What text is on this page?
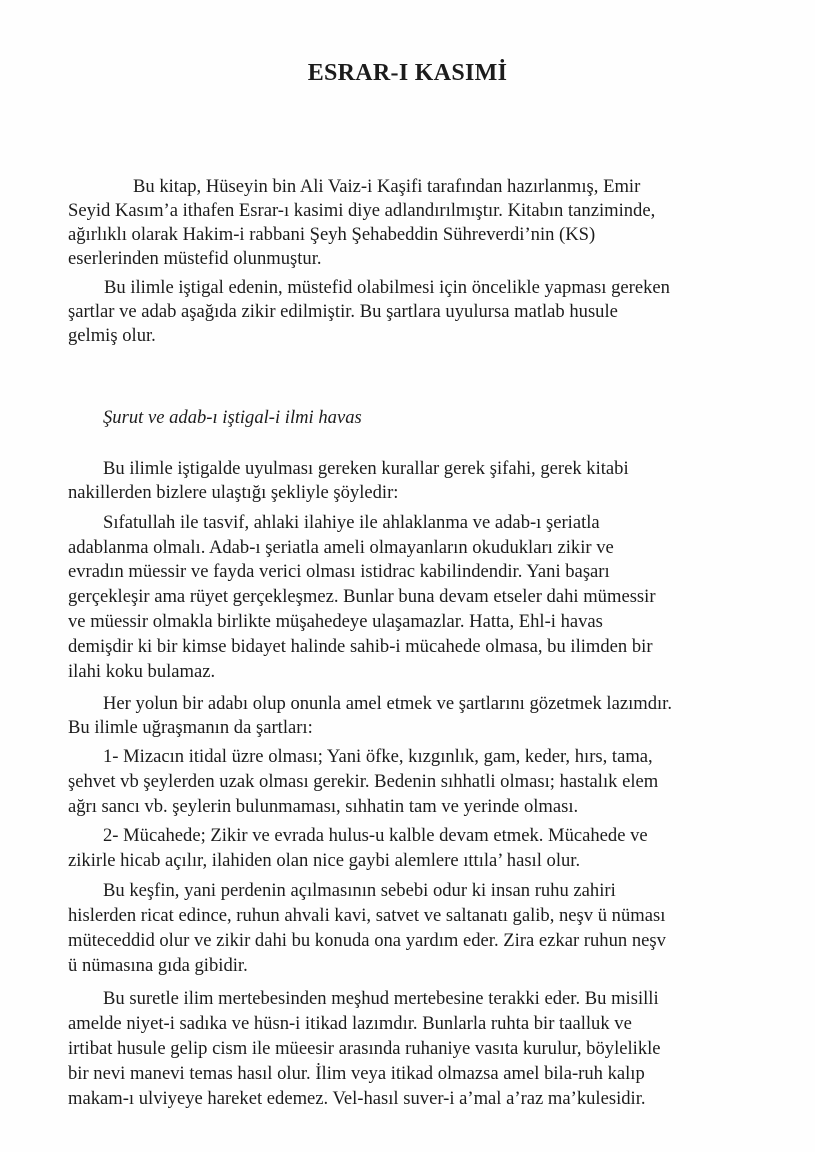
ESRAR-I KASIMİ

Bu kitap, Hüseyin bin Ali Vaiz-i Kaşifi tarafından hazırlanmış, Emir

Seyid Kasım’a ithafen Esrar-ı kasimi diye adlandırılmıştır. Kitabın tanziminde,

ağırlıklı olarak Hakim-i rabbani Şeyh Şehabeddin Sühreverdi’nin (KS)

eserlerinden müstefid olunmuştur.

Bu ilimle iştigal edenin, müstefid olabilmesi için öncelikle yapması gereken

şartlar ve adab aşağıda zikir edilmiştir. Bu şartlara uyulursa matlab husule

gelmiş olur.

Şurut ve adab-ı iştigal-i ilmi havas

Bu ilimle iştigalde uyulması gereken kurallar gerek şifahi, gerek kitabi

nakillerden bizlere ulaştığı şekliyle şöyledir:

Sıfatullah ile tasvif, ahlaki ilahiye ile ahlaklanma ve adab-ı şeriatla

adablanma olmalı. Adab-ı şeriatla ameli olmayanların okudukları zikir ve

evradın müessir ve fayda verici olması istidrac kabilindendir. Yani başarı

gerçekleşir ama rüyet gerçekleşmez. Bunlar buna devam etseler dahi mümessir

ve müessir olmakla birlikte müşahedeye ulaşamazlar. Hatta, Ehl-i havas

demişdir ki bir kimse bidayet halinde sahib-i mücahede olmasa, bu ilimden bir

ilahi koku bulamaz.

Her yolun bir adabı olup onunla amel etmek ve şartlarını gözetmek lazımdır.

Bu ilimle uğraşmanın da şartları:

1- Mizacın itidal üzre olması; Yani öfke, kızgınlık, gam, keder, hırs, tama,

şehvet vb şeylerden uzak olması gerekir. Bedenin sıhhatli olması; hastalık elem

ağrı sancı vb. şeylerin bulunmaması, sıhhatin tam ve yerinde olması.

2- Mücahede; Zikir ve evrada hulus-u kalble devam etmek. Mücahede ve

zikirle hicab açılır, ilahiden olan nice gaybi alemlere ıttıla’ hasıl olur.

Bu keşfin, yani perdenin açılmasının sebebi odur ki insan ruhu zahiri

hislerden ricat edince, ruhun ahvali kavi, satvet ve saltanatı galib, neşv ü nüması

müteceddid olur ve zikir dahi bu konuda ona yardım eder. Zira ezkar ruhun neşv

ü nümasına gıda gibidir.

Bu suretle ilim mertebesinden meşhud mertebesine terakki eder. Bu misilli

amelde niyet-i sadıka ve hüsn-i itikad lazımdır. Bunlarla ruhta bir taalluk ve

irtibat husule gelip cism ile müeesir arasında ruhaniye vasıta kurulur, böylelikle

bir nevi manevi temas hasıl olur. İlim veya itikad olmazsa amel bila-ruh kalıp

makam-ı ulviyeye hareket edemez. Vel-hasıl suver-i a’mal a’raz ma’kulesidir.
